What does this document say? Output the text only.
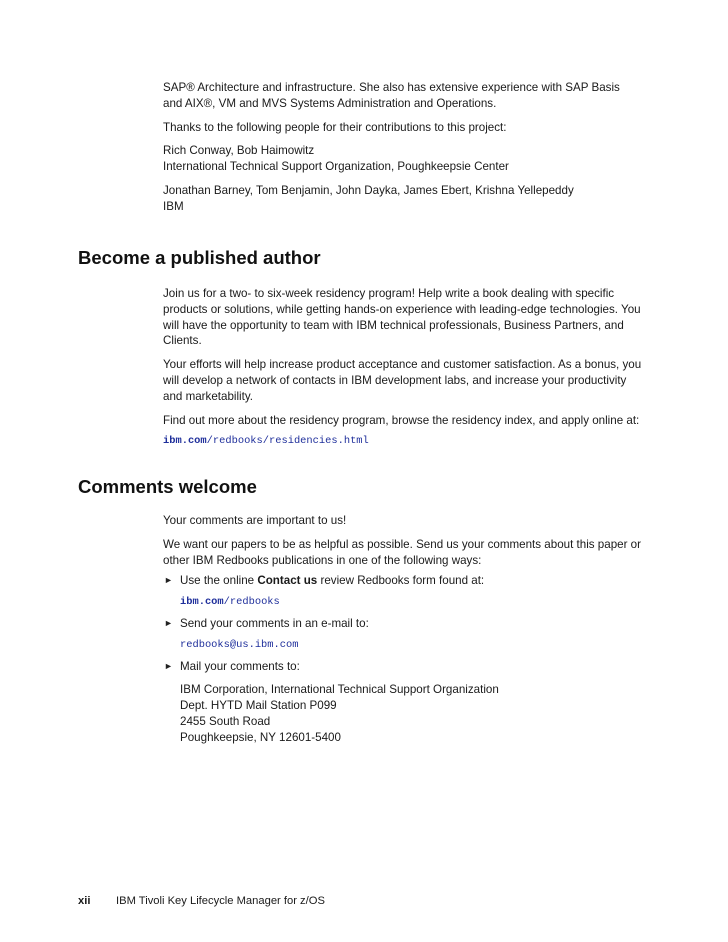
SAP® Architecture and infrastructure. She also has extensive experience with SAP Basis

and AIX®, VM and MVS Systems Administration and Operations.

Thanks to the following people for their contributions to this project:

Rich Conway, Bob Haimowitz

International Technical Support Organization, Poughkeepsie Center

Jonathan Barney, Tom Benjamin, John Dayka, James Ebert, Krishna Yellepeddy

IBM

Become a published author

Join us for a two- to six-week residency program! Help write a book dealing with specific

products or solutions, while getting hands-on experience with leading-edge technologies. You

will have the opportunity to team with IBM technical professionals, Business Partners, and

Clients.

Your efforts will help increase product acceptance and customer satisfaction. As a bonus, you

will develop a network of contacts in IBM development labs, and increase your productivity

and marketability.

Find out more about the residency program, browse the residency index, and apply online at:

ibm.com/redbooks/residencies.html

Comments welcome

Your comments are important to us!

We want our papers to be as helpful as possible. Send us your comments about this paper or

other IBM Redbooks publications in one of the following ways:

► Use the online Contact us review Redbooks form found at:

ibm.com/redbooks

► Send your comments in an e-mail to:

redbooks@us.ibm.com

► Mail your comments to:

IBM Corporation, International Technical Support Organization

Dept. HYTD Mail Station P099

2455 South Road

Poughkeepsie, NY 12601-5400

xii IBM Tivoli Key Lifecycle Manager for z/OS
